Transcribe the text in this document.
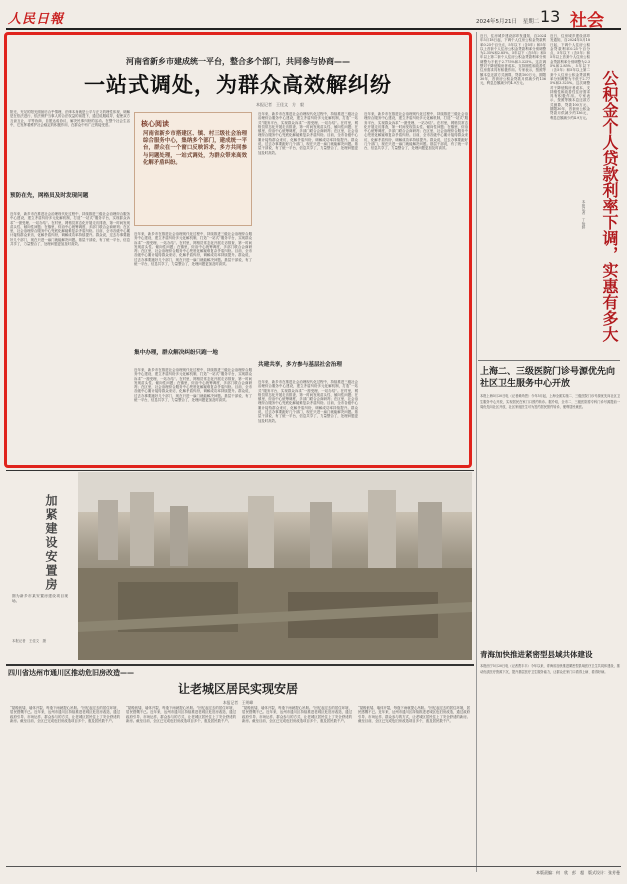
人民日報	2024年5月21日 星期二 13 社会
河南省新乡市建成统一平台，整合多个部门，共同参与协商——
一站式调处，为群众高效解纠纷
本报记者　王佳文　方　毅
阳光、充足的阳光照射后合乎情理，法律本身就是公平与正义的理性体现，调解是在依法进行、依法保护当事人的合法权益的前提下，通过说服疏导，促使双方互谅互让，平等协商，自愿达成协议，解决民事纠纷的活动。在整个社会生活中，它发挥着维护社会稳定的积极作用，在群众中有广泛的接受度。
预防在先，网格员及时发现问题
近年来，新乡市在推进社会治理现代化过程中，持续推进三级社会治理综合服务中心建设，建立矛盾纠纷多元化解机制，打造“一站式”服务平台，实现群众诉求“一窗受理、一站办结”。在村里，网格员常态化开展走访排查，第一时间发现苗头性、倾向性问题；在镇里，综治中心统筹调度，多部门联合会商研判；在区里，社会治理综合服务中心兜底化解疑难复杂矛盾纠纷。目前，全市各级中心累计接待群众来访，化解矛盾纠纷，调解成功率持续提升。群众说，过去办事要跑好几个部门，现在只进一扇门就能解决问题。基层干部说，有了统一平台，信息共享了，力量整合了，处理问题更加及时高效。
核心阅读
河南省新乡市搭建区、镇、村三级社会治理综合服务中心，集纳多个部门，建成统一平台，群众在一个窗口反映诉求，多方共同参与问题处理，一站式调处，为群众带来高效化解矛盾纠纷。
近年来，新乡市在推进社会治理现代化过程中，持续推进三级社会治理综合服务中心建设，建立矛盾纠纷多元化解机制，打造“一站式”服务平台，实现群众诉求“一窗受理、一站办结”。在村里，网格员常态化开展走访排查，第一时间发现苗头性、倾向性问题；在镇里，综治中心统筹调度，多部门联合会商研判；在区里，社会治理综合服务中心兜底化解疑难复杂矛盾纠纷。目前，全市各级中心累计接待群众来访，化解矛盾纠纷，调解成功率持续提升。群众说，过去办事要跑好几个部门，现在只进一扇门就能解决问题。基层干部说，有了统一平台，信息共享了，力量整合了，处理问题更加及时高效。
集中办理，群众解决纠纷只跑一地
近年来，新乡市在推进社会治理现代化过程中，持续推进三级社会治理综合服务中心建设，建立矛盾纠纷多元化解机制，打造“一站式”服务平台，实现群众诉求“一窗受理、一站办结”。在村里，网格员常态化开展走访排查，第一时间发现苗头性、倾向性问题；在镇里，综治中心统筹调度，多部门联合会商研判；在区里，社会治理综合服务中心兜底化解疑难复杂矛盾纠纷。目前，全市各级中心累计接待群众来访，化解矛盾纠纷，调解成功率持续提升。群众说，过去办事要跑好几个部门，现在只进一扇门就能解决问题。基层干部说，有了统一平台，信息共享了，力量整合了，处理问题更加及时高效。
近年来，新乡市在推进社会治理现代化过程中，持续推进三级社会治理综合服务中心建设，建立矛盾纠纷多元化解机制，打造“一站式”服务平台，实现群众诉求“一窗受理、一站办结”。在村里，网格员常态化开展走访排查，第一时间发现苗头性、倾向性问题；在镇里，综治中心统筹调度，多部门联合会商研判；在区里，社会治理综合服务中心兜底化解疑难复杂矛盾纠纷。目前，全市各级中心累计接待群众来访，化解矛盾纠纷，调解成功率持续提升。群众说，过去办事要跑好几个部门，现在只进一扇门就能解决问题。基层干部说，有了统一平台，信息共享了，力量整合了，处理问题更加及时高效。
共建共享，多方参与基层社会治理
近年来，新乡市在推进社会治理现代化过程中，持续推进三级社会治理综合服务中心建设，建立矛盾纠纷多元化解机制，打造“一站式”服务平台，实现群众诉求“一窗受理、一站办结”。在村里，网格员常态化开展走访排查，第一时间发现苗头性、倾向性问题；在镇里，综治中心统筹调度，多部门联合会商研判；在区里，社会治理综合服务中心兜底化解疑难复杂矛盾纠纷。目前，全市各级中心累计接待群众来访，化解矛盾纠纷，调解成功率持续提升。群众说，过去办事要跑好几个部门，现在只进一扇门就能解决问题。基层干部说，有了统一平台，信息共享了，力量整合了，处理问题更加及时高效。
近年来，新乡市在推进社会治理现代化过程中，持续推进三级社会治理综合服务中心建设，建立矛盾纠纷多元化解机制，打造“一站式”服务平台，实现群众诉求“一窗受理、一站办结”。在村里，网格员常态化开展走访排查，第一时间发现苗头性、倾向性问题；在镇里，综治中心统筹调度，多部门联合会商研判；在区里，社会治理综合服务中心兜底化解疑难复杂矛盾纠纷。目前，全市各级中心累计接待群众来访，化解矛盾纠纷，调解成功率持续提升。群众说，过去办事要跑好几个部门，现在只进一扇门就能解决问题。基层干部说，有了统一平台，信息共享了，力量整合了，处理问题更加及时高效。
近日，住房城乡建设部印发通知，自2024年5月18日起，下调个人住房公积金贷款利率0.25个百分点，5年以下（含5年）和5年以上首套个人住房公积金贷款利率分别调整为2.35%和2.85%，5年以下（含5年）和5年以上第二套个人住房公积金贷款利率分别调整为不低于2.775%和3.325%。这次调整对于降低购房者成本、支持刚性和改善性住房需求具有积极作用。专家表示，按照等额本息还款方式测算，贷款100万元、期限30年，首套房公积金贷款月供减少约136元，利息总额减少约4.9万元。
近日，住房城乡建设部印发通知，自2024年5月18日起，下调个人住房公积金贷款利率0.25个百分点，5年以下（含5年）和5年以上首套个人住房公积金贷款利率分别调整为2.35%和2.85%，5年以下（含5年）和5年以上第二套个人住房公积金贷款利率分别调整为不低于2.775%和3.325%。这次调整对于降低购房者成本、支持刚性和改善性住房需求具有积极作用。专家表示，按照等额本息还款方式测算，贷款100万元、期限30年，首套房公积金贷款月供减少约136元，利息总额减少约4.9万元。 公积金个人贷款利率下调，实惠有多大
本报记者　丁怡婷
上海二、三级医院门诊号源优先向社区卫生服务中心开放
本报上海5月20日电（记者黄尚恩）今年5月起，上海全面实施二、三级医院门诊号源优先向社区卫生服务中心开放，实现居民在家门口预约转诊。据介绍，全市二、三级医院将专科门诊号源提前一周优先向社区开放，社区家庭医生可为签约居民预约转诊，便利居民就医。
青海加快推进紧密型县域共体建设
本报西宁5月20日电（记者贾丰丰）今年以来，青海省加快推进紧密型县域医疗卫生共同体建设，推动优质医疗资源下沉，提升基层医疗卫生服务能力，让群众在家门口看得上病、看得好病。
加紧建设安置房
图为新乡市某安置房建设项目现场。
本报记者　王佳文　摄
四川省达州市通川区推动危旧房改造——
让老城区居民实现安居
本报记者　王明峰
“屋檐低矮、墙体开裂，每逢下雨就提心吊胆。”回忆起过去的居住环境，居民感慨不已。近年来，达州市通川区持续推进老城区危旧房改造，通过政府引导、市场运作、群众参与的方式，让老城区居民住上了安全舒适的新房。截至目前，全区已完成危旧房改造项目多个，惠及居民数千户。
“屋檐低矮、墙体开裂，每逢下雨就提心吊胆。”回忆起过去的居住环境，居民感慨不已。近年来，达州市通川区持续推进老城区危旧房改造，通过政府引导、市场运作、群众参与的方式，让老城区居民住上了安全舒适的新房。截至目前，全区已完成危旧房改造项目多个，惠及居民数千户。
“屋檐低矮、墙体开裂，每逢下雨就提心吊胆。”回忆起过去的居住环境，居民感慨不已。近年来，达州市通川区持续推进老城区危旧房改造，通过政府引导、市场运作、群众参与的方式，让老城区居民住上了安全舒适的新房。截至目前，全区已完成危旧房改造项目多个，惠及居民数千户。
“屋檐低矮、墙体开裂，每逢下雨就提心吊胆。”回忆起过去的居住环境，居民感慨不已。近年来，达州市通川区持续推进老城区危旧房改造，通过政府引导、市场运作、群众参与的方式，让老城区居民住上了安全舒适的新房。截至目前，全区已完成危旧房改造项目多个，惠及居民数千户。
本版责编：何　欣　彭　超　版式设计：张芳曼
